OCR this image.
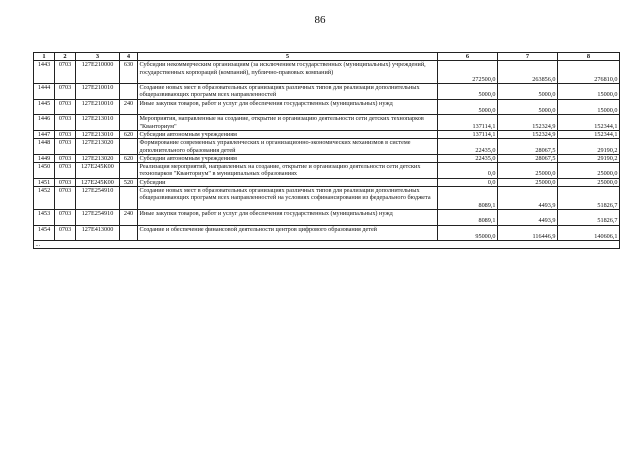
86
1	2	3	4	5	6	7	8
1443	0703	127E210000	630	Субсидии некоммерческим организациям (за исключением государственных (муниципальных) учреждений, государственных корпораций (компаний), публично-правовых компаний)	272500,0	263856,0	276810,0
1444	0703	127E210010		Создание новых мест в образовательных организациях различных типов для реализации дополнительных общеразвивающих программ всех направленностей	5000,0	5000,0	15000,0
1445	0703	127E210010	240	Иные закупки товаров, работ и услуг для обеспечения государственных (муниципальных) нужд	5000,0	5000,0	15000,0
1446	0703	127E213010		Мероприятия, направленные на создание, открытие и организацию деятельности сети детских технопарков "Кванториум"	137114,1	152324,9	152344,1
1447	0703	127E213010	620	Субсидии автономным учреждениям	137114,1	152324,9	152344,1
1448	0703	127E213020		Формирование современных управленческих и организационно-экономических механизмов в системе дополнительного образования детей	22435,0	28067,5	29190,2
1449	0703	127E213020	620	Субсидии автономным учреждениям	22435,0	28067,5	29190,2
1450	0703	127E245К00		Реализация мероприятий, направленных на создание, открытие и организацию деятельности сети детских технопарков "Кванториум" в муниципальных образованиях	0,0	25000,0	25000,0
1451	0703	127E245К00	520	Субсидии	0,0	25000,0	25000,0
1452	0703	127E254910		Создание новых мест в образовательных организациях различных типов для реализации дополнительных общеразвивающих программ всех направленностей на условиях софинансирования из федерального бюджета	8089,1	4493,9	51826,7
1453	0703	127E254910	240	Иные закупки товаров, работ и услуг для обеспечения государственных (муниципальных) нужд	8089,1	4493,9	51826,7
1454	0703	127E413000		Создание и обеспечение финансовой деятельности центров цифрового образования детей	95000,0	116446,9	140606,1
...							
